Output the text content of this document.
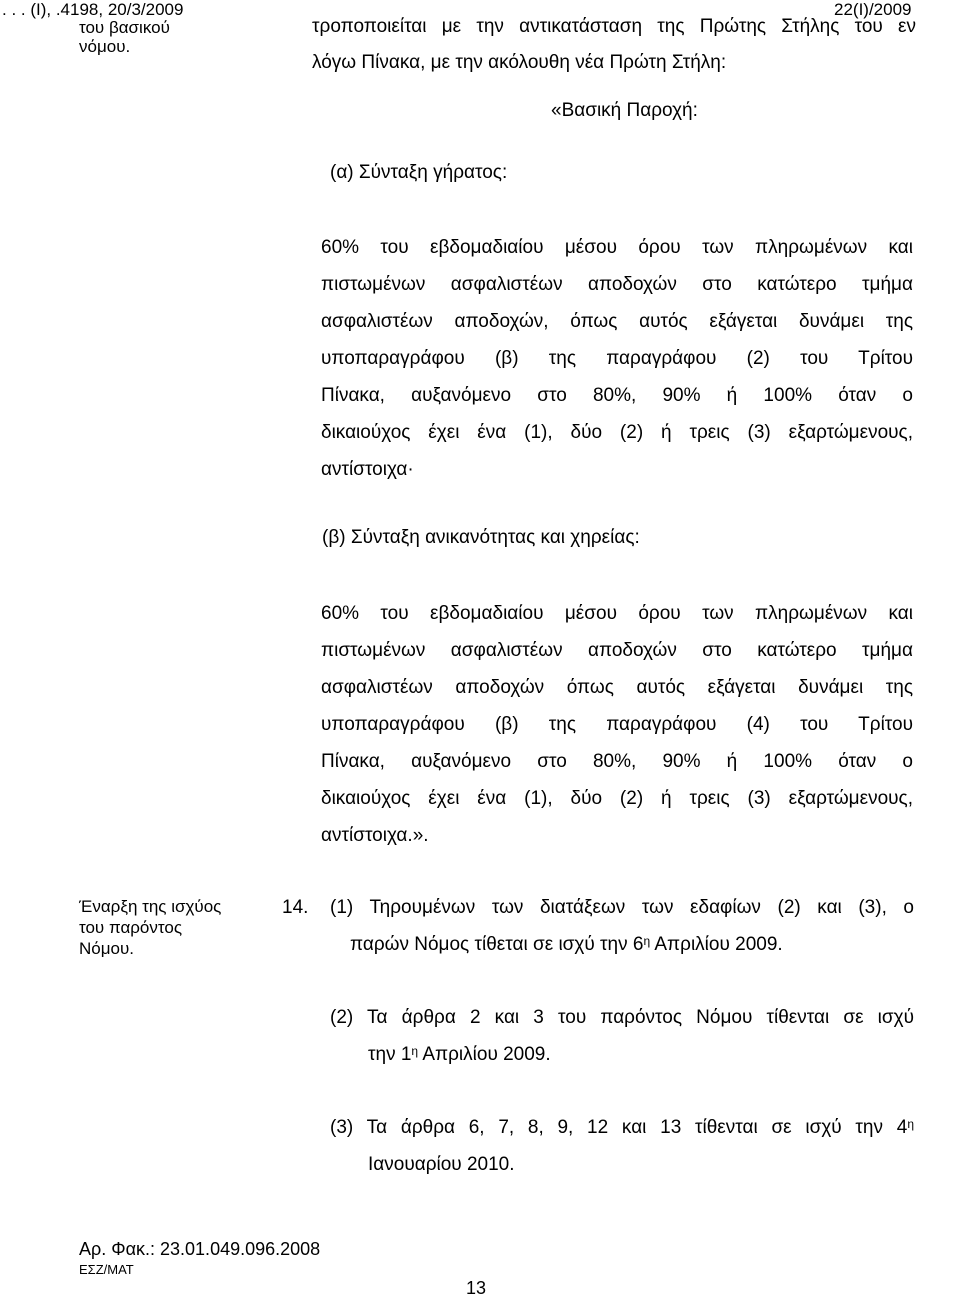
. . . (Ι), .4198, 20/3/2009	22(Ι)/2009
του βασικού
νόμου.
τροποποιείται με την αντικατάσταση της Πρώτης Στήλης του εν
λόγω Πίνακα, με την ακόλουθη νέα Πρώτη Στήλη:
«Βασική Παροχή:
(α) Σύνταξη γήρατος:
60% του εβδομαδιαίου μέσου όρου των πληρωμένων και
πιστωμένων ασφαλιστέων αποδοχών στο κατώτερο τμήμα
ασφαλιστέων αποδοχών, όπως αυτός εξάγεται δυνάμει της
υποπαραγράφου (β) της παραγράφου (2) του Τρίτου
Πίνακα, αυξανόμενο στο 80%, 90% ή 100% όταν ο
δικαιούχος έχει ένα (1), δύο (2) ή τρεις (3) εξαρτώμενους,
αντίστοιχα·
(β) Σύνταξη ανικανότητας και χηρείας:
60% του εβδομαδιαίου μέσου όρου των πληρωμένων και
πιστωμένων ασφαλιστέων αποδοχών στο κατώτερο τμήμα
ασφαλιστέων αποδοχών όπως αυτός εξάγεται δυνάμει της
υποπαραγράφου (β) της παραγράφου (4) του Τρίτου
Πίνακα, αυξανόμενο στο 80%, 90% ή 100% όταν ο
δικαιούχος έχει ένα (1), δύο (2) ή τρεις (3) εξαρτώμενους,
αντίστοιχα.».
Έναρξη της ισχύος
του παρόντος
Νόμου.
14. (1) Τηρουμένων των διατάξεων των εδαφίων (2) και (3), ο
παρών Νόμος τίθεται σε ισχύ την $6^\eta$ Απριλίου 2009.
(2) Τα άρθρα 2 και 3 του παρόντος Νόμου τίθενται σε ισχύ
την $1^\eta$ Απριλίου 2009.
(3) Τα άρθρα 6, 7, 8, 9, 12 και 13 τίθενται σε ισχύ την $4^\eta$
Ιανουαρίου 2010.
Αρ. Φακ.: 23.01.049.096.2008
ΕΣΖ/ΜΑΤ
13
